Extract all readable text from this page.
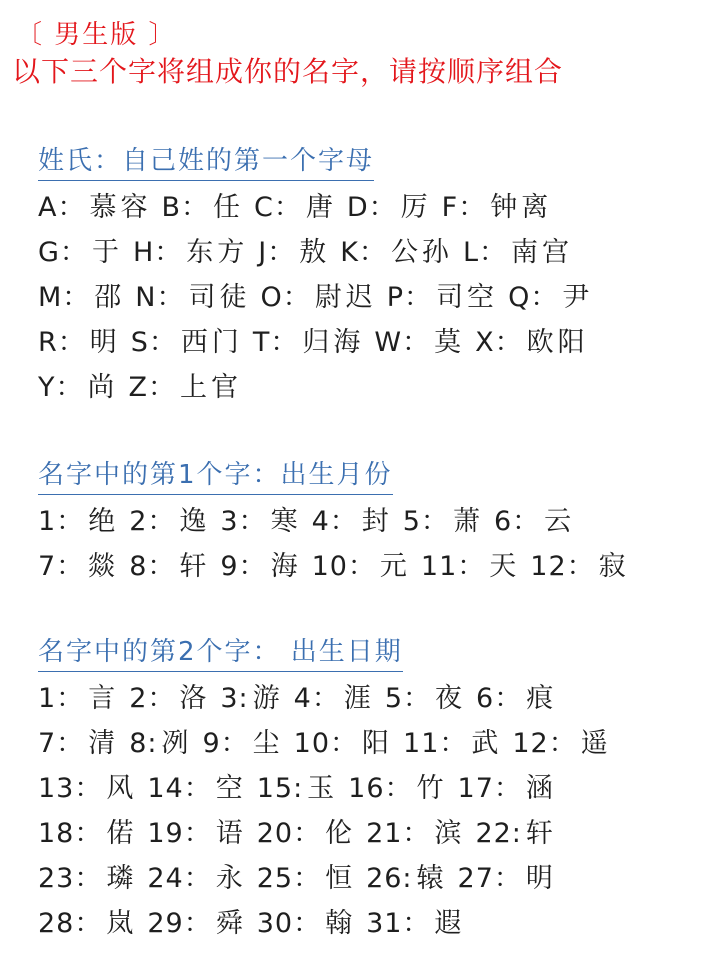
〔 男生版 〕
以下三个字将组成你的名字，请按顺序组合
姓氏：自己姓的第一个字母
A： 慕容 B： 任 C： 唐 D： 厉 F： 钟离
G： 于 H： 东方 J： 敖 K： 公孙 L： 南宫
M： 邵 N： 司徒 O： 尉迟 P： 司空 Q： 尹
R： 明 S： 西门 T： 归海 W： 莫 X： 欧阳
Y： 尚 Z： 上官
名字中的第1个字：出生月份
1： 绝 2： 逸 3： 寒 4： 封 5： 萧 6： 云
7： 燚 8： 轩 9： 海 10： 元 11： 天 12： 寂
名字中的第2个字： 出生日期
1： 言 2： 洛 3: 游 4： 涯 5： 夜 6： 痕
7： 清 8: 冽 9： 尘 10： 阳 11： 武 12： 遥
13： 风 14： 空 15: 玉 16： 竹 17： 涵
18： 偌 19： 语 20： 伦 21： 滨 22: 轩
23： 璘 24： 永 25： 恒 26: 辕 27： 明
28： 岚 29： 舜 30： 翰 31： 遐
